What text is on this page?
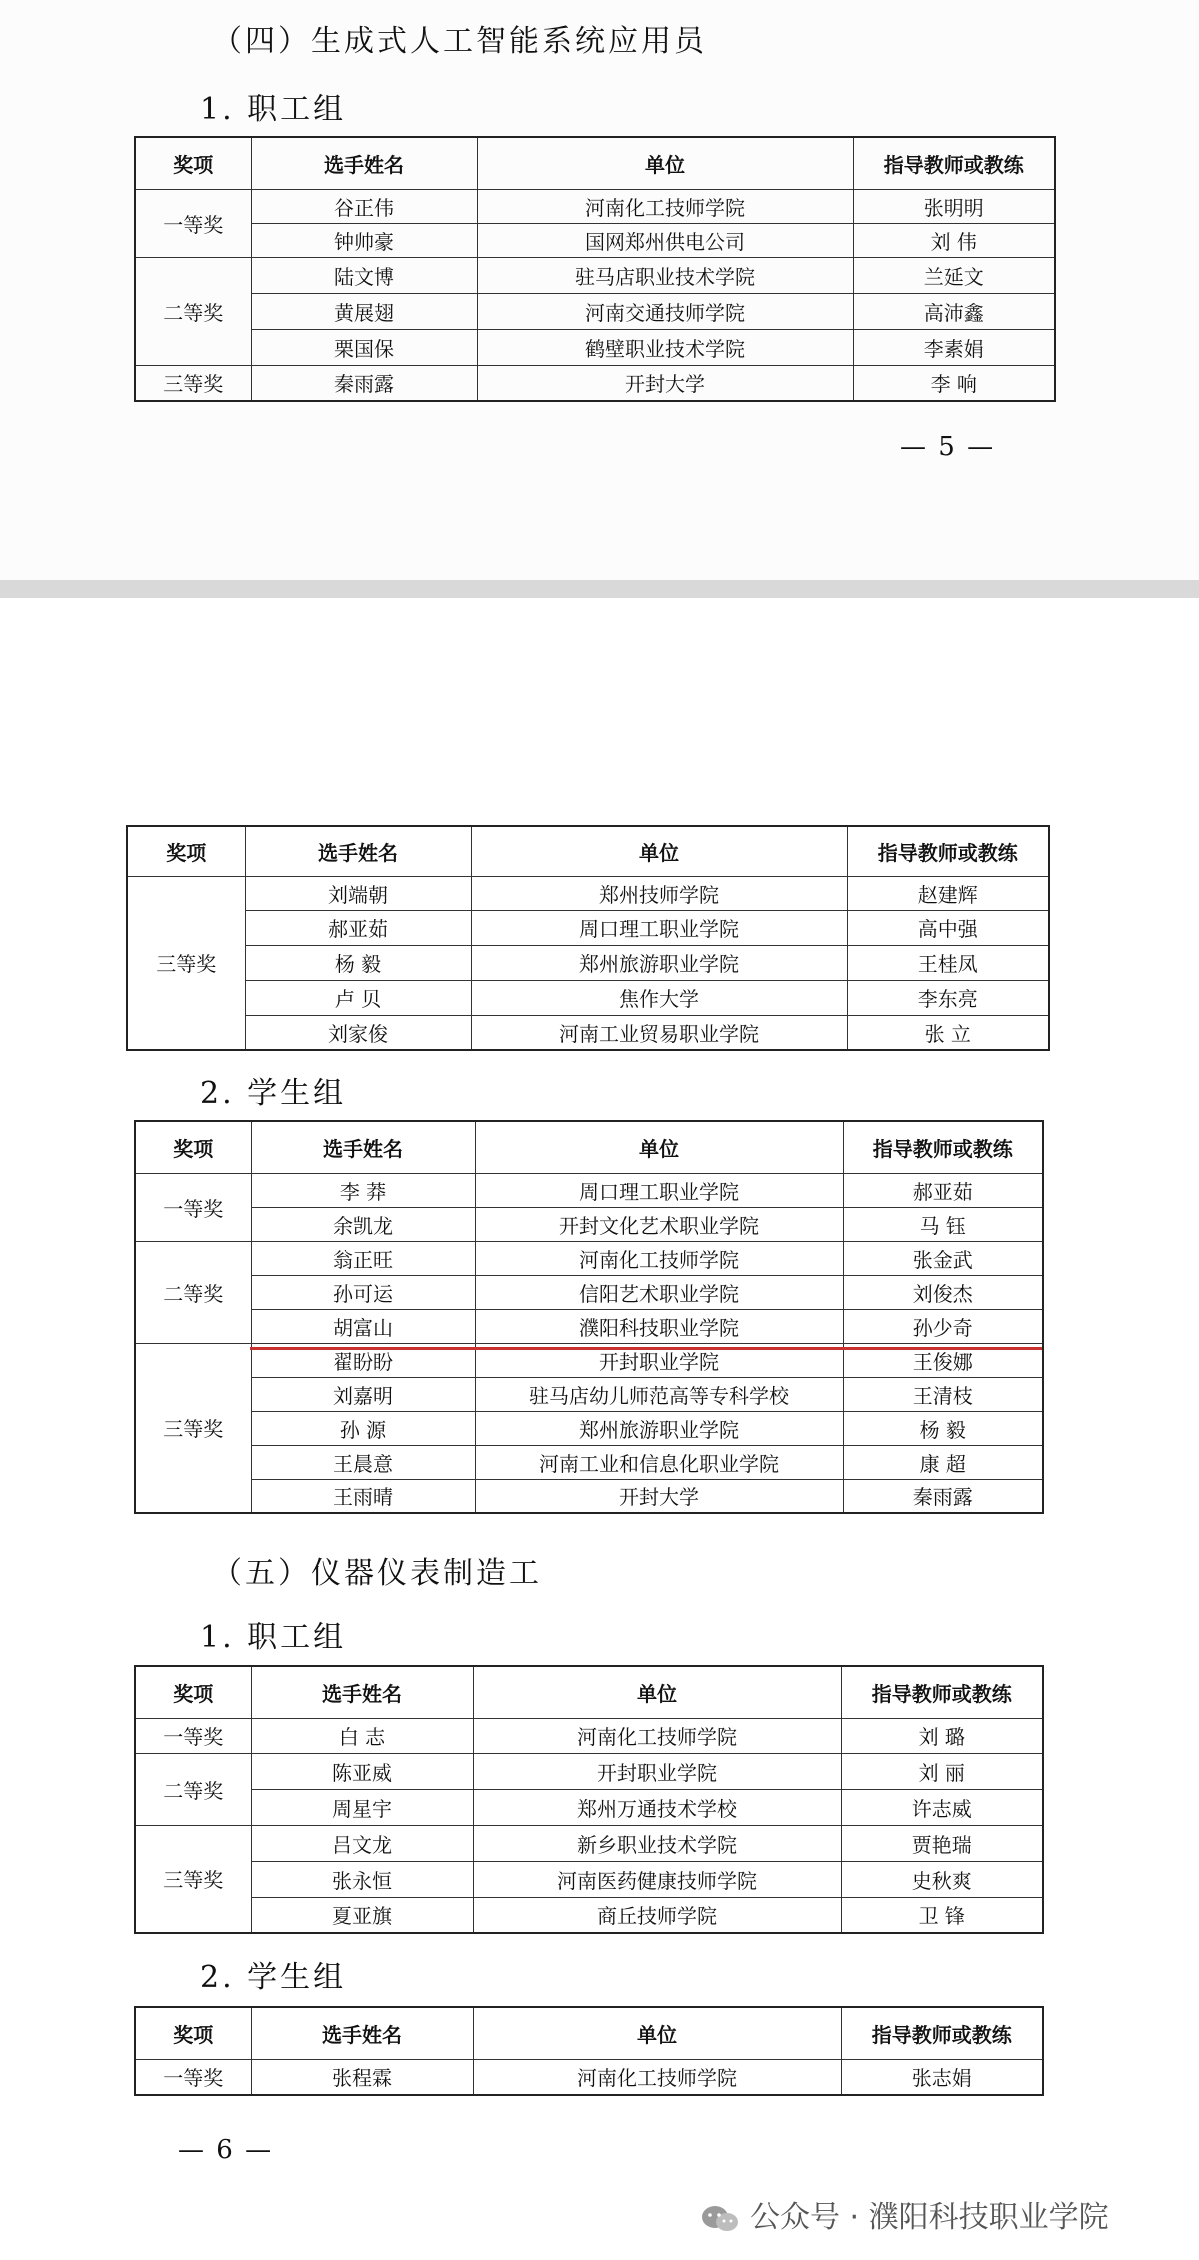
（四）生成式人工智能系统应用员
1. 职工组
奖项	选手姓名	单位	指导教师或教练
一等奖	谷正伟	河南化工技师学院	张明明
	钟帅豪	国网郑州供电公司	刘 伟
二等奖	陆文博	驻马店职业技术学院	兰延文
	黄展翅	河南交通技师学院	高沛鑫
	栗国保	鹤壁职业技术学院	李素娟
三等奖	秦雨露	开封大学	李 响
— 5 —
奖项	选手姓名	单位	指导教师或教练
三等奖	刘端朝	郑州技师学院	赵建辉
	郝亚茹	周口理工职业学院	高中强
	杨 毅	郑州旅游职业学院	王桂凤
	卢 贝	焦作大学	李东亮
	刘家俊	河南工业贸易职业学院	张 立
2. 学生组
奖项	选手姓名	单位	指导教师或教练
一等奖	李 莽	周口理工职业学院	郝亚茹
	余凯龙	开封文化艺术职业学院	马 钰
二等奖	翁正旺	河南化工技师学院	张金武
	孙可运	信阳艺术职业学院	刘俊杰
	胡富山	濮阳科技职业学院	孙少奇
三等奖	翟盼盼	开封职业学院	王俊娜
	刘嘉明	驻马店幼儿师范高等专科学校	王清枝
	孙 源	郑州旅游职业学院	杨 毅
	王晨意	河南工业和信息化职业学院	康 超
	王雨晴	开封大学	秦雨露
（五）仪器仪表制造工
1. 职工组
奖项	选手姓名	单位	指导教师或教练
一等奖	白 志	河南化工技师学院	刘 璐
二等奖	陈亚威	开封职业学院	刘 丽
	周星宇	郑州万通技术学校	许志威
三等奖	吕文龙	新乡职业技术学院	贾艳瑞
	张永恒	河南医药健康技师学院	史秋爽
	夏亚旗	商丘技师学院	卫 锋
2. 学生组
奖项	选手姓名	单位	指导教师或教练
一等奖	张程霖	河南化工技师学院	张志娟
— 6 —
公众号 · 濮阳科技职业学院
